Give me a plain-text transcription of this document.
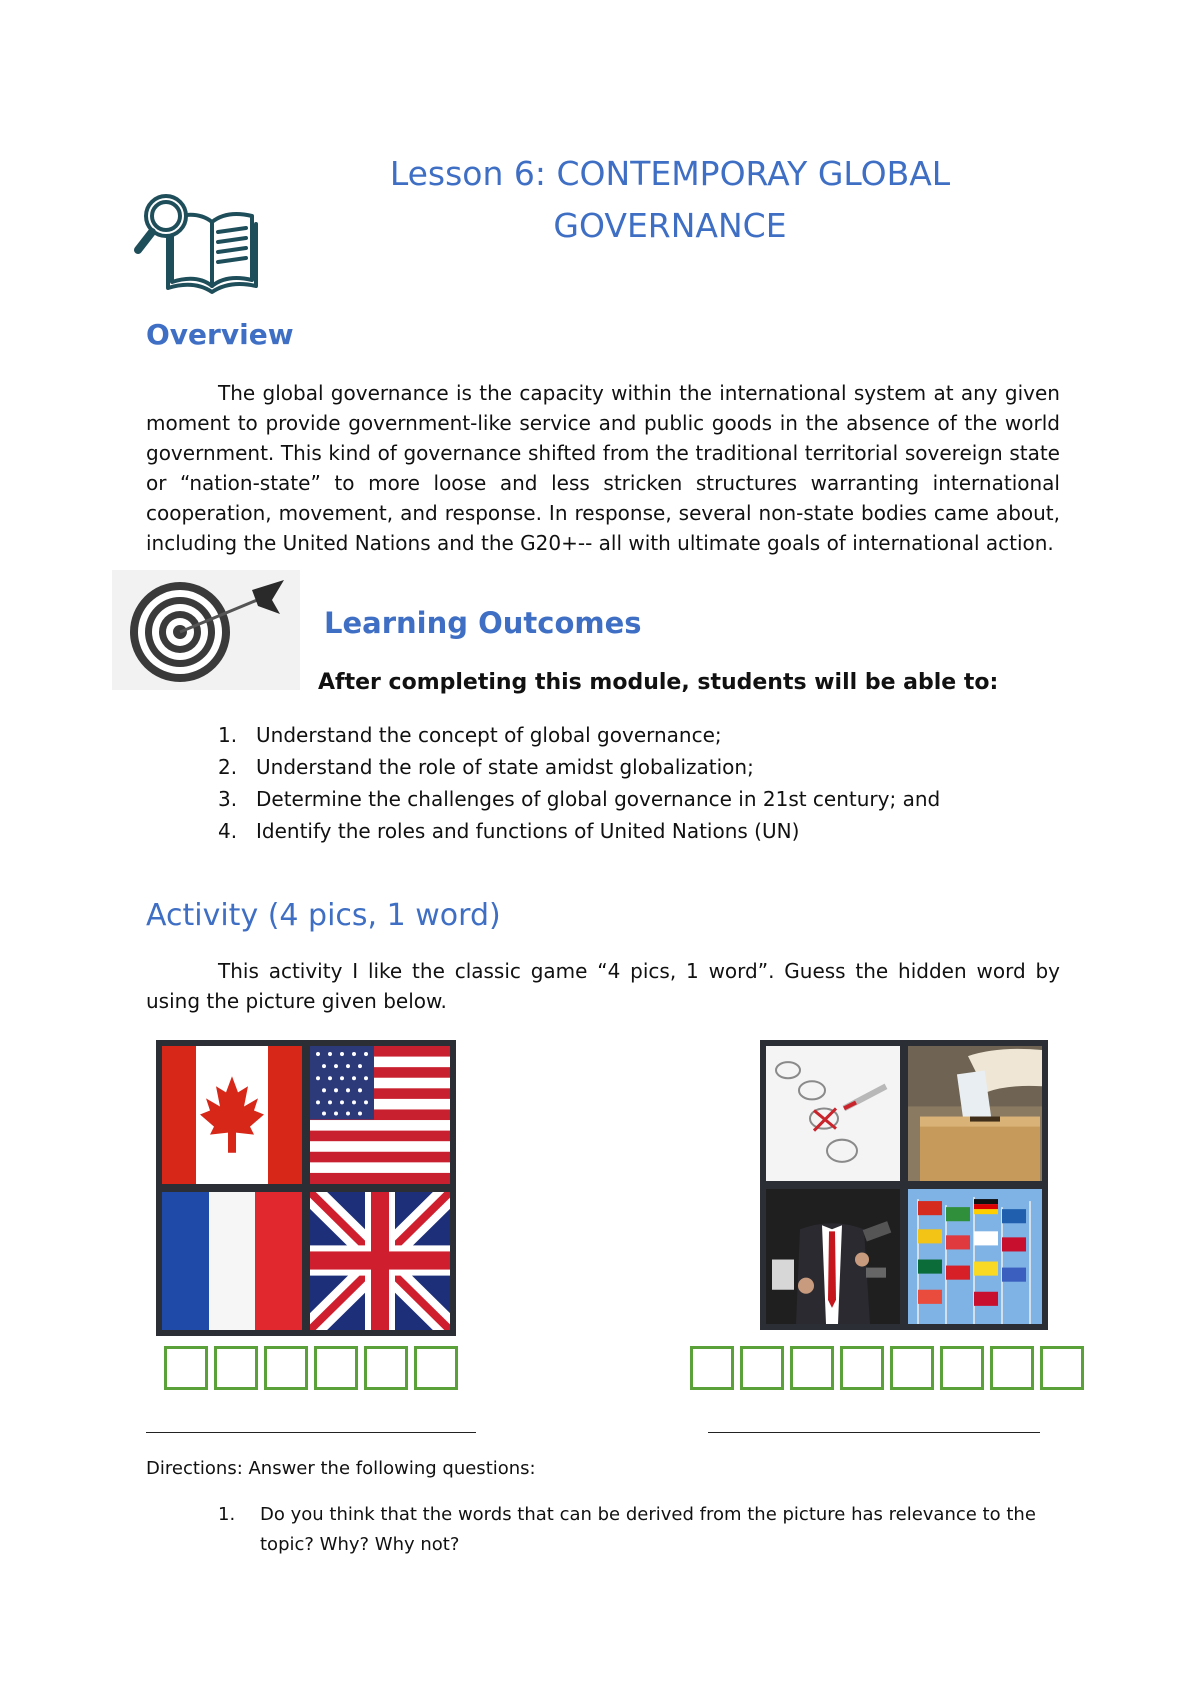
Lesson 6: CONTEMPORAY GLOBAL
GOVERNANCE
Overview
The global governance is the capacity within the international system at any given moment to provide government-like service and public goods in the absence of the world government. This kind of governance shifted from the traditional territorial sovereign state or “nation-state” to more loose and less stricken structures warranting international cooperation, movement, and response. In response, several non-state bodies came about, including the United Nations and the G20+-- all with ultimate goals of international action.
Learning Outcomes
After completing this module, students will be able to:
1. Understand the concept of global governance;
2. Understand the role of state amidst globalization;
3. Determine the challenges of global governance in 21st century; and
4. Identify the roles and functions of United Nations (UN)
Activity (4 pics, 1 word)
This activity I like the classic game “4 pics, 1 word”. Guess the hidden word by using the picture given below.
Directions: Answer the following questions:
1.	Do you think that the words that can be derived from the picture has relevance to the topic? Why? Why not?
